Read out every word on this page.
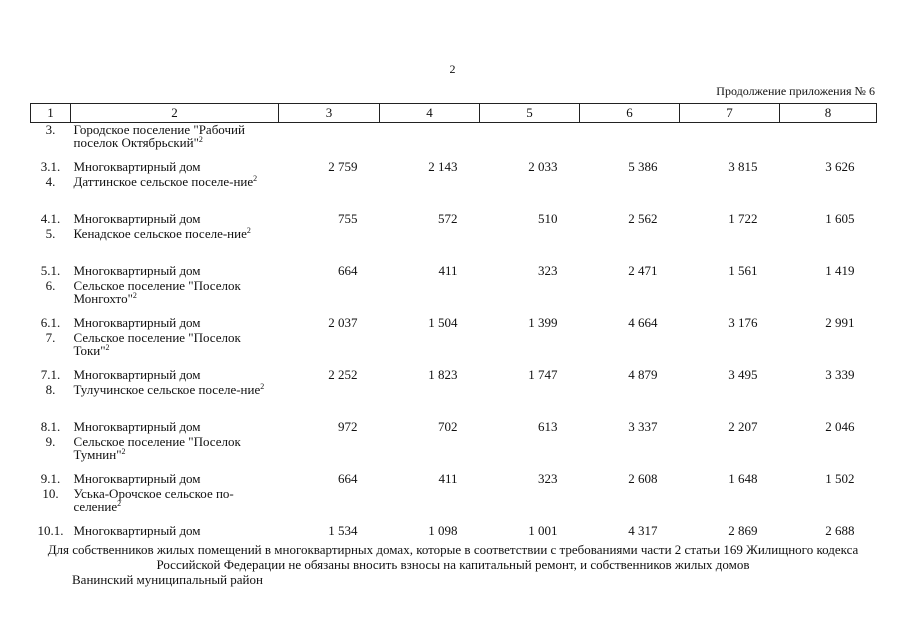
2
Продолжение приложения № 6
1	2	3	4	5	6	7	8
3.	Городское поселение "Рабочий поселок Октябрьский"$^2$						
3.1.	Многоквартирный дом	2 759	2 143	2 033	5 386	3 815	3 626
4.	Даттинское сельское поселе-ние$^2$						
4.1.	Многоквартирный дом	755	572	510	2 562	1 722	1 605
5.	Кенадское сельское поселе-ние$^2$						
5.1.	Многоквартирный дом	664	411	323	2 471	1 561	1 419
6.	Сельское поселение "Поселок Монгохто"$^2$						
6.1.	Многоквартирный дом	2 037	1 504	1 399	4 664	3 176	2 991
7.	Сельское поселение "Поселок Токи"$^2$						
7.1.	Многоквартирный дом	2 252	1 823	1 747	4 879	3 495	3 339
8.	Тулучинское сельское поселе-ние$^2$						
8.1.	Многоквартирный дом	972	702	613	3 337	2 207	2 046
9.	Сельское поселение "Поселок Тумнин"$^2$						
9.1.	Многоквартирный дом	664	411	323	2 608	1 648	1 502
10.	Уська-Орочское сельское по-селение$^2$						
10.1.	Многоквартирный дом	1 534	1 098	1 001	4 317	2 869	2 688
Для собственников жилых помещений в многоквартирных домах, которые в соответствии с требованиями части 2 статьи 169 Жилищного кодекса Российской Федерации не обязаны вносить взносы на капитальный ремонт, и собственников жилых домов
Ванинский муниципальный район
